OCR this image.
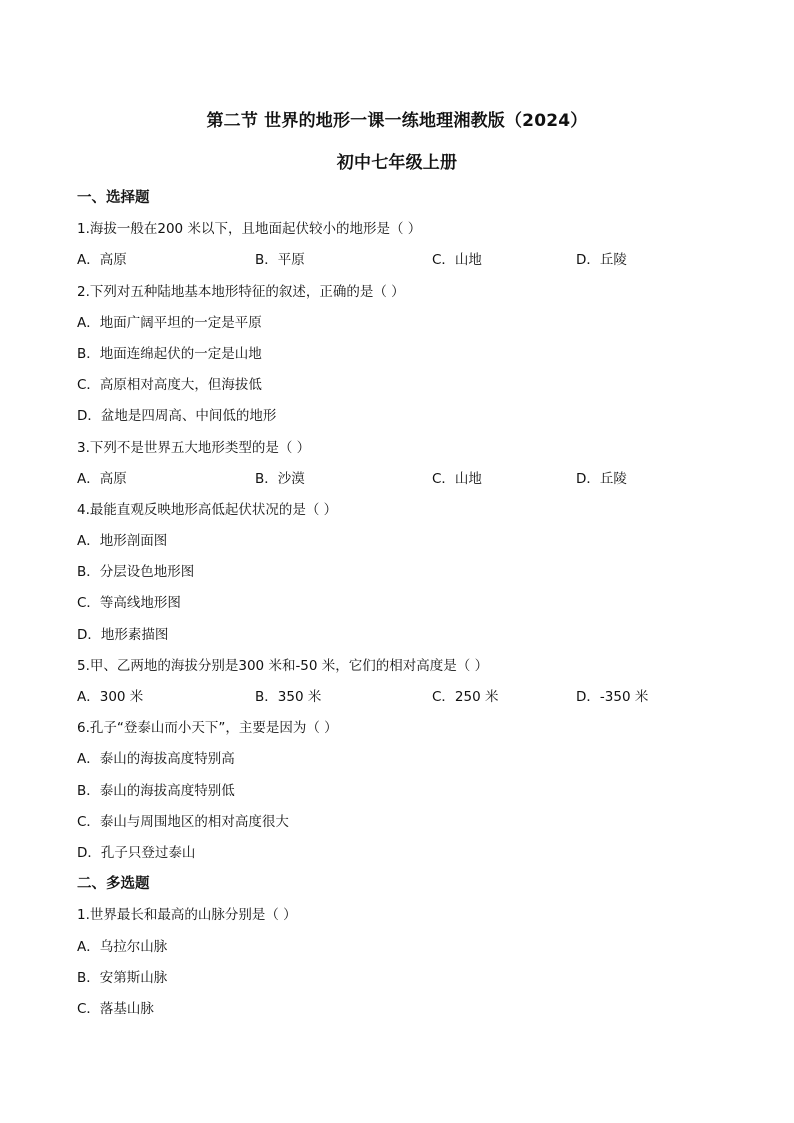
第二节 世界的地形一课一练地理湘教版（2024）
初中七年级上册
一、选择题
1.海拔一般在200 米以下，且地面起伏较小的地形是（ ）
A．高原	B．平原	C．山地	D．丘陵
2.下列对五种陆地基本地形特征的叙述，正确的是（ ）
A．地面广阔平坦的一定是平原
B．地面连绵起伏的一定是山地
C．高原相对高度大，但海拔低
D．盆地是四周高、中间低的地形
3.下列不是世界五大地形类型的是（ ）
A．高原	B．沙漠	C．山地	D．丘陵
4.最能直观反映地形高低起伏状况的是（ ）
A．地形剖面图
B．分层设色地形图
C．等高线地形图
D．地形素描图
5.甲、乙两地的海拔分别是300 米和-50 米，它们的相对高度是（ ）
A．300 米	B．350 米	C．250 米	D．-350 米
6.孔子“登泰山而小天下”，主要是因为（ ）
A．泰山的海拔高度特别高
B．泰山的海拔高度特别低
C．泰山与周围地区的相对高度很大
D．孔子只登过泰山
二、多选题
1.世界最长和最高的山脉分别是（ ）
A．乌拉尔山脉
B．安第斯山脉
C．落基山脉
